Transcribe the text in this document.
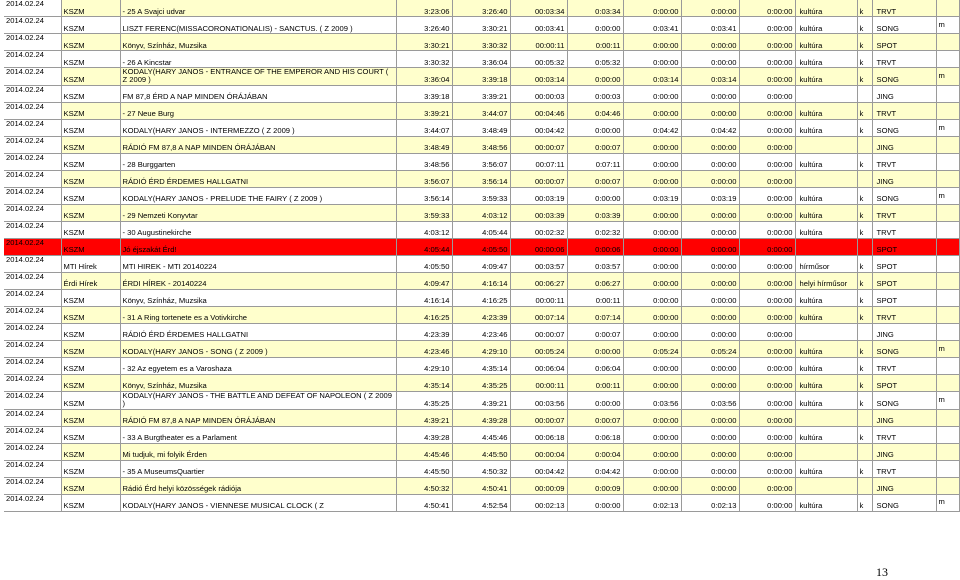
2014.02.24	KSZM	- 25 A Svajci udvar	3:23:06	3:26:40	00:03:34	0:03:34	0:00:00	0:00:00	0:00:00	kultúra	k	TRVT	
2014.02.24	KSZM	LISZT FERENC(MISSACORONATIONALIS) - SANCTUS. ( Z 2009 )	3:26:40	3:30:21	00:03:41	0:00:00	0:03:41	0:03:41	0:00:00	kultúra	k	SONG	m
2014.02.24	KSZM	Könyv, Színház, Muzsika	3:30:21	3:30:32	00:00:11	0:00:11	0:00:00	0:00:00	0:00:00	kultúra	k	SPOT	
2014.02.24	KSZM	- 26 A Kincstar	3:30:32	3:36:04	00:05:32	0:05:32	0:00:00	0:00:00	0:00:00	kultúra	k	TRVT	
2014.02.24	KSZM	KODALY(HARY JANOS - ENTRANCE OF THE EMPEROR AND HIS COURT ( Z 2009 )	3:36:04	3:39:18	00:03:14	0:00:00	0:03:14	0:03:14	0:00:00	kultúra	k	SONG	m
2014.02.24	KSZM	FM 87,8 ÉRD A NAP MINDEN ÓRÁJÁBAN	3:39:18	3:39:21	00:00:03	0:00:03	0:00:00	0:00:00	0:00:00			JING	
2014.02.24	KSZM	- 27 Neue Burg	3:39:21	3:44:07	00:04:46	0:04:46	0:00:00	0:00:00	0:00:00	kultúra	k	TRVT	
2014.02.24	KSZM	KODALY(HARY JANOS - INTERMEZZO ( Z 2009 )	3:44:07	3:48:49	00:04:42	0:00:00	0:04:42	0:04:42	0:00:00	kultúra	k	SONG	m
2014.02.24	KSZM	RÁDIÓ FM 87,8 A NAP MINDEN ÓRÁJÁBAN	3:48:49	3:48:56	00:00:07	0:00:07	0:00:00	0:00:00	0:00:00			JING	
2014.02.24	KSZM	- 28 Burggarten	3:48:56	3:56:07	00:07:11	0:07:11	0:00:00	0:00:00	0:00:00	kultúra	k	TRVT	
2014.02.24	KSZM	RÁDIÓ ÉRD ÉRDEMES HALLGATNI	3:56:07	3:56:14	00:00:07	0:00:07	0:00:00	0:00:00	0:00:00			JING	
2014.02.24	KSZM	KODALY(HARY JANOS - PRELUDE THE FAIRY ( Z 2009 )	3:56:14	3:59:33	00:03:19	0:00:00	0:03:19	0:03:19	0:00:00	kultúra	k	SONG	m
2014.02.24	KSZM	- 29 Nemzeti Konyvtar	3:59:33	4:03:12	00:03:39	0:03:39	0:00:00	0:00:00	0:00:00	kultúra	k	TRVT	
2014.02.24	KSZM	- 30 Augustinekirche	4:03:12	4:05:44	00:02:32	0:02:32	0:00:00	0:00:00	0:00:00	kultúra	k	TRVT	
2014.02.24	KSZM	Jó éjszakát Érd!	4:05:44	4:05:50	00:00:06	0:00:06	0:00:00	0:00:00	0:00:00			SPOT	
2014.02.24	MTI Hírek	MTI HIREK - MTI 20140224	4:05:50	4:09:47	00:03:57	0:03:57	0:00:00	0:00:00	0:00:00	hírműsor	k	SPOT	
2014.02.24	Érdi Hírek	ÉRDI HÍREK - 20140224	4:09:47	4:16:14	00:06:27	0:06:27	0:00:00	0:00:00	0:00:00	helyi hírműsor	k	SPOT	
2014.02.24	KSZM	Könyv, Színház, Muzsika	4:16:14	4:16:25	00:00:11	0:00:11	0:00:00	0:00:00	0:00:00	kultúra	k	SPOT	
2014.02.24	KSZM	- 31 A Ring tortenete es a Votivkirche	4:16:25	4:23:39	00:07:14	0:07:14	0:00:00	0:00:00	0:00:00	kultúra	k	TRVT	
2014.02.24	KSZM	RÁDIÓ ÉRD ÉRDEMES HALLGATNI	4:23:39	4:23:46	00:00:07	0:00:07	0:00:00	0:00:00	0:00:00			JING	
2014.02.24	KSZM	KODALY(HARY JANOS - SONG ( Z 2009 )	4:23:46	4:29:10	00:05:24	0:00:00	0:05:24	0:05:24	0:00:00	kultúra	k	SONG	m
2014.02.24	KSZM	- 32 Az egyetem es a Varoshaza	4:29:10	4:35:14	00:06:04	0:06:04	0:00:00	0:00:00	0:00:00	kultúra	k	TRVT	
2014.02.24	KSZM	Könyv, Színház, Muzsika	4:35:14	4:35:25	00:00:11	0:00:11	0:00:00	0:00:00	0:00:00	kultúra	k	SPOT	
2014.02.24	KSZM	KODALY(HARY JANOS - THE BATTLE AND DEFEAT OF NAPOLEON ( Z 2009 )	4:35:25	4:39:21	00:03:56	0:00:00	0:03:56	0:03:56	0:00:00	kultúra	k	SONG	m
2014.02.24	KSZM	RÁDIÓ FM 87,8 A NAP MINDEN ÓRÁJÁBAN	4:39:21	4:39:28	00:00:07	0:00:07	0:00:00	0:00:00	0:00:00			JING	
2014.02.24	KSZM	- 33 A Burgtheater es a Parlament	4:39:28	4:45:46	00:06:18	0:06:18	0:00:00	0:00:00	0:00:00	kultúra	k	TRVT	
2014.02.24	KSZM	Mi tudjuk, mi folyik Érden	4:45:46	4:45:50	00:00:04	0:00:04	0:00:00	0:00:00	0:00:00			JING	
2014.02.24	KSZM	- 35 A MuseumsQuartier	4:45:50	4:50:32	00:04:42	0:04:42	0:00:00	0:00:00	0:00:00	kultúra	k	TRVT	
2014.02.24	KSZM	Rádió Érd helyi közösségek rádiója	4:50:32	4:50:41	00:00:09	0:00:09	0:00:00	0:00:00	0:00:00			JING	
2014.02.24	KSZM	KODALY(HARY JANOS - VIENNESE MUSICAL CLOCK ( Z	4:50:41	4:52:54	00:02:13	0:00:00	0:02:13	0:02:13	0:00:00	kultúra	k	SONG	m
13
